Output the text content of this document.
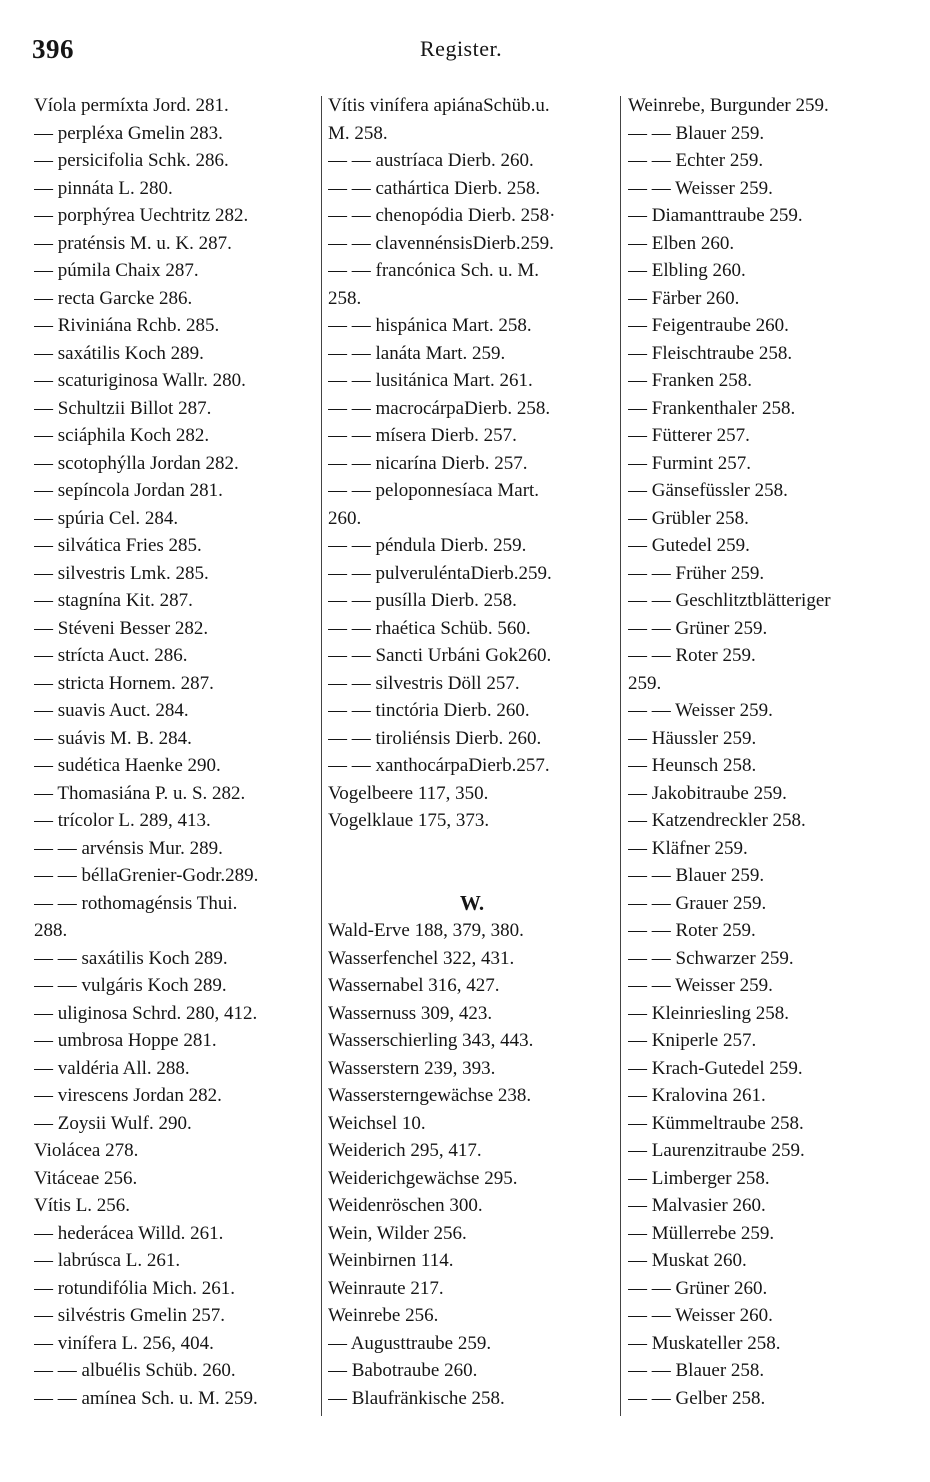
396	Register.
Víola permíxta Jord. 281.
— perpléxa Gmelin 283.
— persicifolia Schk. 286.
— pinnáta L. 280.
— porphýrea Uechtritz 282.
— praténsis M. u. K. 287.
— púmila Chaix 287.
— recta Garcke 286.
— Riviniána Rchb. 285.
— saxátilis Koch 289.
— scaturiginosa Wallr. 280.
— Schultzii Billot 287.
— sciáphila Koch 282.
— scotophýlla Jordan 282.
— sepíncola Jordan 281.
— spúria Cel. 284.
— silvática Fries 285.
— silvestris Lmk. 285.
— stagnína Kit. 287.
— Stéveni Besser 282.
— strícta Auct. 286.
— stricta Hornem. 287.
— suavis Auct. 284.
— suávis M. B. 284.
— sudética Haenke 290.
— Thomasiána P. u. S. 282.
— trícolor L. 289, 413.
— — arvénsis Mur. 289.
— — béllaGrenier-Godr.289.
— — rothomagénsis Thui.
288.
— — saxátilis Koch 289.
— — vulgáris Koch 289.
— uliginosa Schrd. 280, 412.
— umbrosa Hoppe 281.
— valdéria All. 288.
— virescens Jordan 282.
— Zoysii Wulf. 290.
Violácea 278.
Vitáceae 256.
Vítis L. 256.
— hederácea Willd. 261.
— labrúsca L. 261.
— rotundifólia Mich. 261.
— silvéstris Gmelin 257.
— vinífera L. 256, 404.
— — albuélis Schüb. 260.
— — amínea Sch. u. M. 259.
Vítis vinífera apiánaSchüb.u.
M. 258.
— — austríaca Dierb. 260.
— — cathártica Dierb. 258.
— — chenopódia Dierb. 258·
— — clavennénsisDierb.259.
— — francónica Sch. u. M.
258.
— — hispánica Mart. 258.
— — lanáta Mart. 259.
— — lusitánica Mart. 261.
— — macrocárpaDierb. 258.
— — mísera Dierb. 257.
— — nicarína Dierb. 257.
— — peloponnesíaca Mart.
260.
— — péndula Dierb. 259.
— — pulveruléntaDierb.259.
— — pusílla Dierb. 258.
— — rhaética Schüb. 560.
— — Sancti Urbáni Gok260.
— — silvestris Döll 257.
— — tinctória Dierb. 260.
— — tiroliénsis Dierb. 260.
— — xanthocárpaDierb.257.
Vogelbeere 117, 350.
Vogelklaue 175, 373.
W.
Wald-Erve 188, 379, 380.
Wasserfenchel 322, 431.
Wassernabel 316, 427.
Wassernuss 309, 423.
Wasserschierling 343, 443.
Wasserstern 239, 393.
Wassersterngewächse 238.
Weichsel 10.
Weiderich 295, 417.
Weiderichgewächse 295.
Weidenröschen 300.
Wein, Wilder 256.
Weinbirnen 114.
Weinraute 217.
Weinrebe 256.
— Augusttraube 259.
— Babotraube 260.
— Blaufränkische 258.
Weinrebe, Burgunder 259.
— — Blauer 259.
— — Echter 259.
— — Weisser 259.
— Diamanttraube 259.
— Elben 260.
— Elbling 260.
— Färber 260.
— Feigentraube 260.
— Fleischtraube 258.
— Franken 258.
— Frankenthaler 258.
— Fütterer 257.
— Furmint 257.
— Gänsefüssler 258.
— Grübler 258.
— Gutedel 259.
— — Früher 259.
— — Geschlitztblätteriger
— — Grüner 259.
— — Roter 259.
259.
— — Weisser 259.
— Häussler 259.
— Heunsch 258.
— Jakobitraube 259.
— Katzendreckler 258.
— Kläfner 259.
— — Blauer 259.
— — Grauer 259.
— — Roter 259.
— — Schwarzer 259.
— — Weisser 259.
— Kleinriesling 258.
— Kniperle 257.
— Krach-Gutedel 259.
— Kralovina 261.
— Kümmeltraube 258.
— Laurenzitraube 259.
— Limberger 258.
— Malvasier 260.
— Müllerrebe 259.
— Muskat 260.
— — Grüner 260.
— — Weisser 260.
— Muskateller 258.
— — Blauer 258.
— — Gelber 258.
